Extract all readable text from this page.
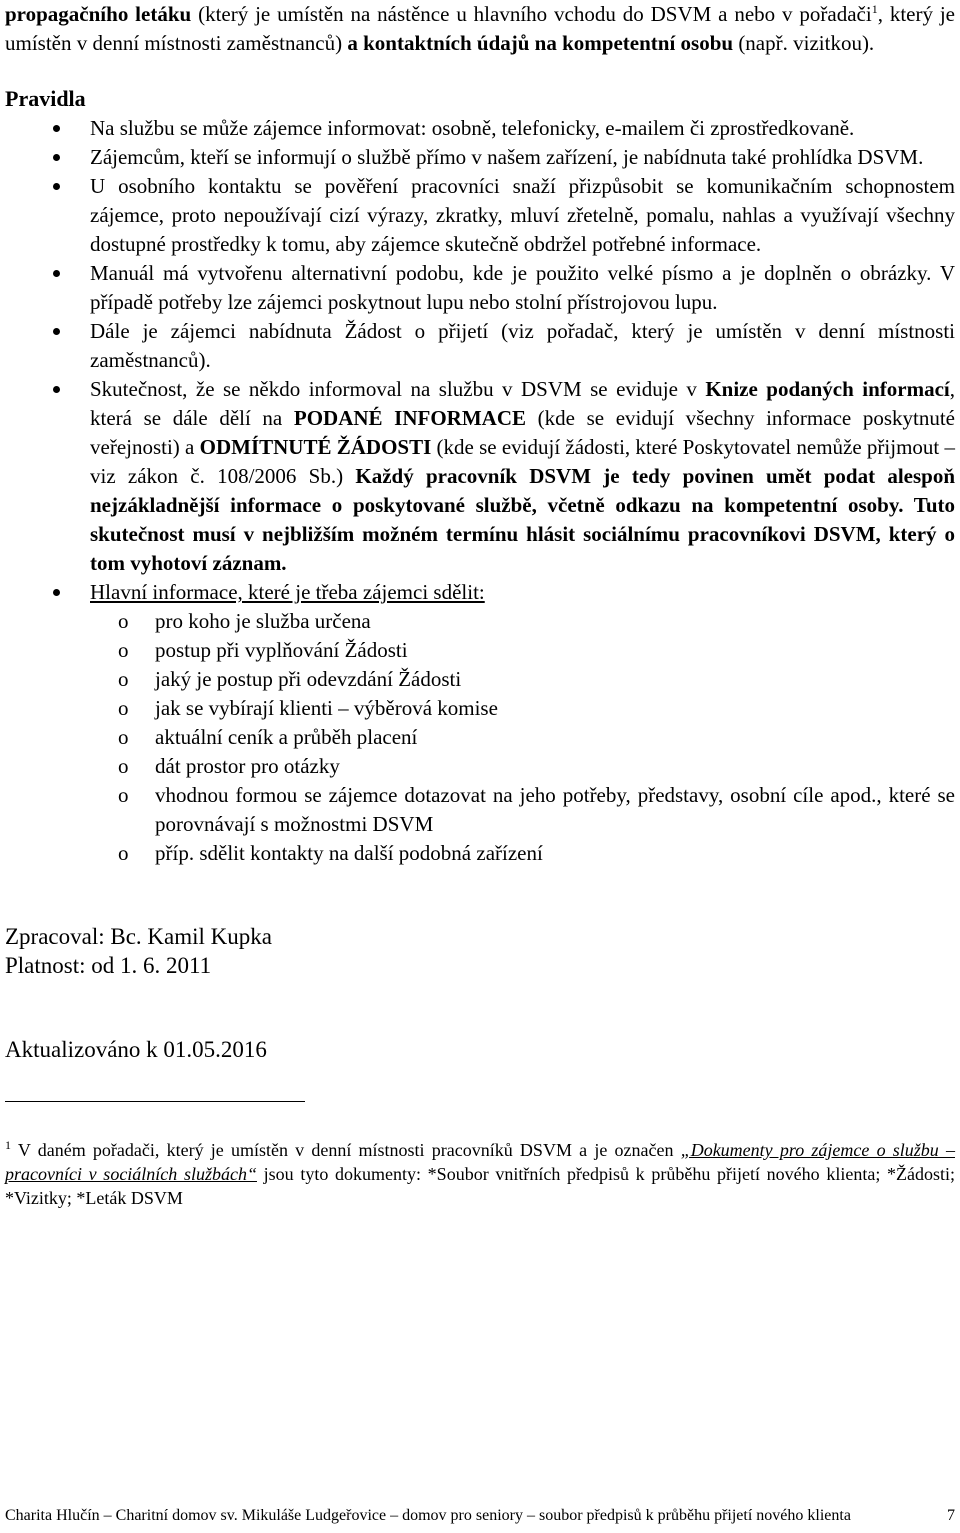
propagačního letáku (který je umístěn na nástěnce u hlavního vchodu do DSVM a nebo v pořadači$^1$, který je umístěn v denní místnosti zaměstnanců) a kontaktních údajů na kompetentní osobu (např. vizitkou).

Pravidla

Na službu se může zájemce informovat: osobně, telefonicky, e-mailem či zprostředkovaně.
Zájemcům, kteří se informují o službě přímo v našem zařízení, je nabídnuta také prohlídka DSVM.
U osobního kontaktu se pověření pracovníci snaží přizpůsobit se komunikačním schopnostem zájemce, proto nepoužívají cizí výrazy, zkratky, mluví zřetelně, pomalu, nahlas a využívají všechny dostupné prostředky k tomu, aby zájemce skutečně obdržel potřebné informace.
Manuál má vytvořenu alternativní podobu, kde je použito velké písmo a je doplněn o obrázky. V případě potřeby lze zájemci poskytnout lupu nebo stolní přístrojovou lupu.
Dále je zájemci nabídnuta Žádost o přijetí (viz pořadač, který je umístěn v denní místnosti zaměstnanců).
Skutečnost, že se někdo informoval na službu v DSVM se eviduje v Knize podaných informací, která se dále dělí na PODANÉ INFORMACE (kde se evidují všechny informace poskytnuté veřejnosti) a ODMÍTNUTÉ ŽÁDOSTI (kde se evidují žádosti, které Poskytovatel nemůže přijmout – viz zákon č. 108/2006 Sb.) Každý pracovník DSVM je tedy povinen umět podat alespoň nejzákladnější informace o poskytované službě, včetně odkazu na kompetentní osoby. Tuto skutečnost musí v nejbližším možném termínu hlásit sociálnímu pracovníkovi DSVM, který o tom vyhotoví záznam.
Hlavní informace, které je třeba zájemci sdělit:
o pro koho je služba určena
o postup při vyplňování Žádosti
o jaký je postup při odevzdání Žádosti
o jak se vybírají klienti – výběrová komise
o aktuální ceník a průběh placení
o dát prostor pro otázky
o vhodnou formou se zájemce dotazovat na jeho potřeby, představy, osobní cíle apod., které se porovnávají s možnostmi DSVM
o příp. sdělit kontakty na další podobná zařízení
Zpracoval: Bc. Kamil Kupka
Platnost: od 1. 6. 2011
Aktualizováno k 01.05.2016
$^1$ V daném pořadači, který je umístěn v denní místnosti pracovníků DSVM a je označen „Dokumenty pro zájemce o službu – pracovníci v sociálních službách“ jsou tyto dokumenty: *Soubor vnitřních předpisů k průběhu přijetí nového klienta; *Žádosti; *Vizitky; *Leták DSVM
Charita Hlučín – Charitní domov sv. Mikuláše Ludgeřovice – domov pro seniory – soubor předpisů k průběhu přijetí nového klienta	7
